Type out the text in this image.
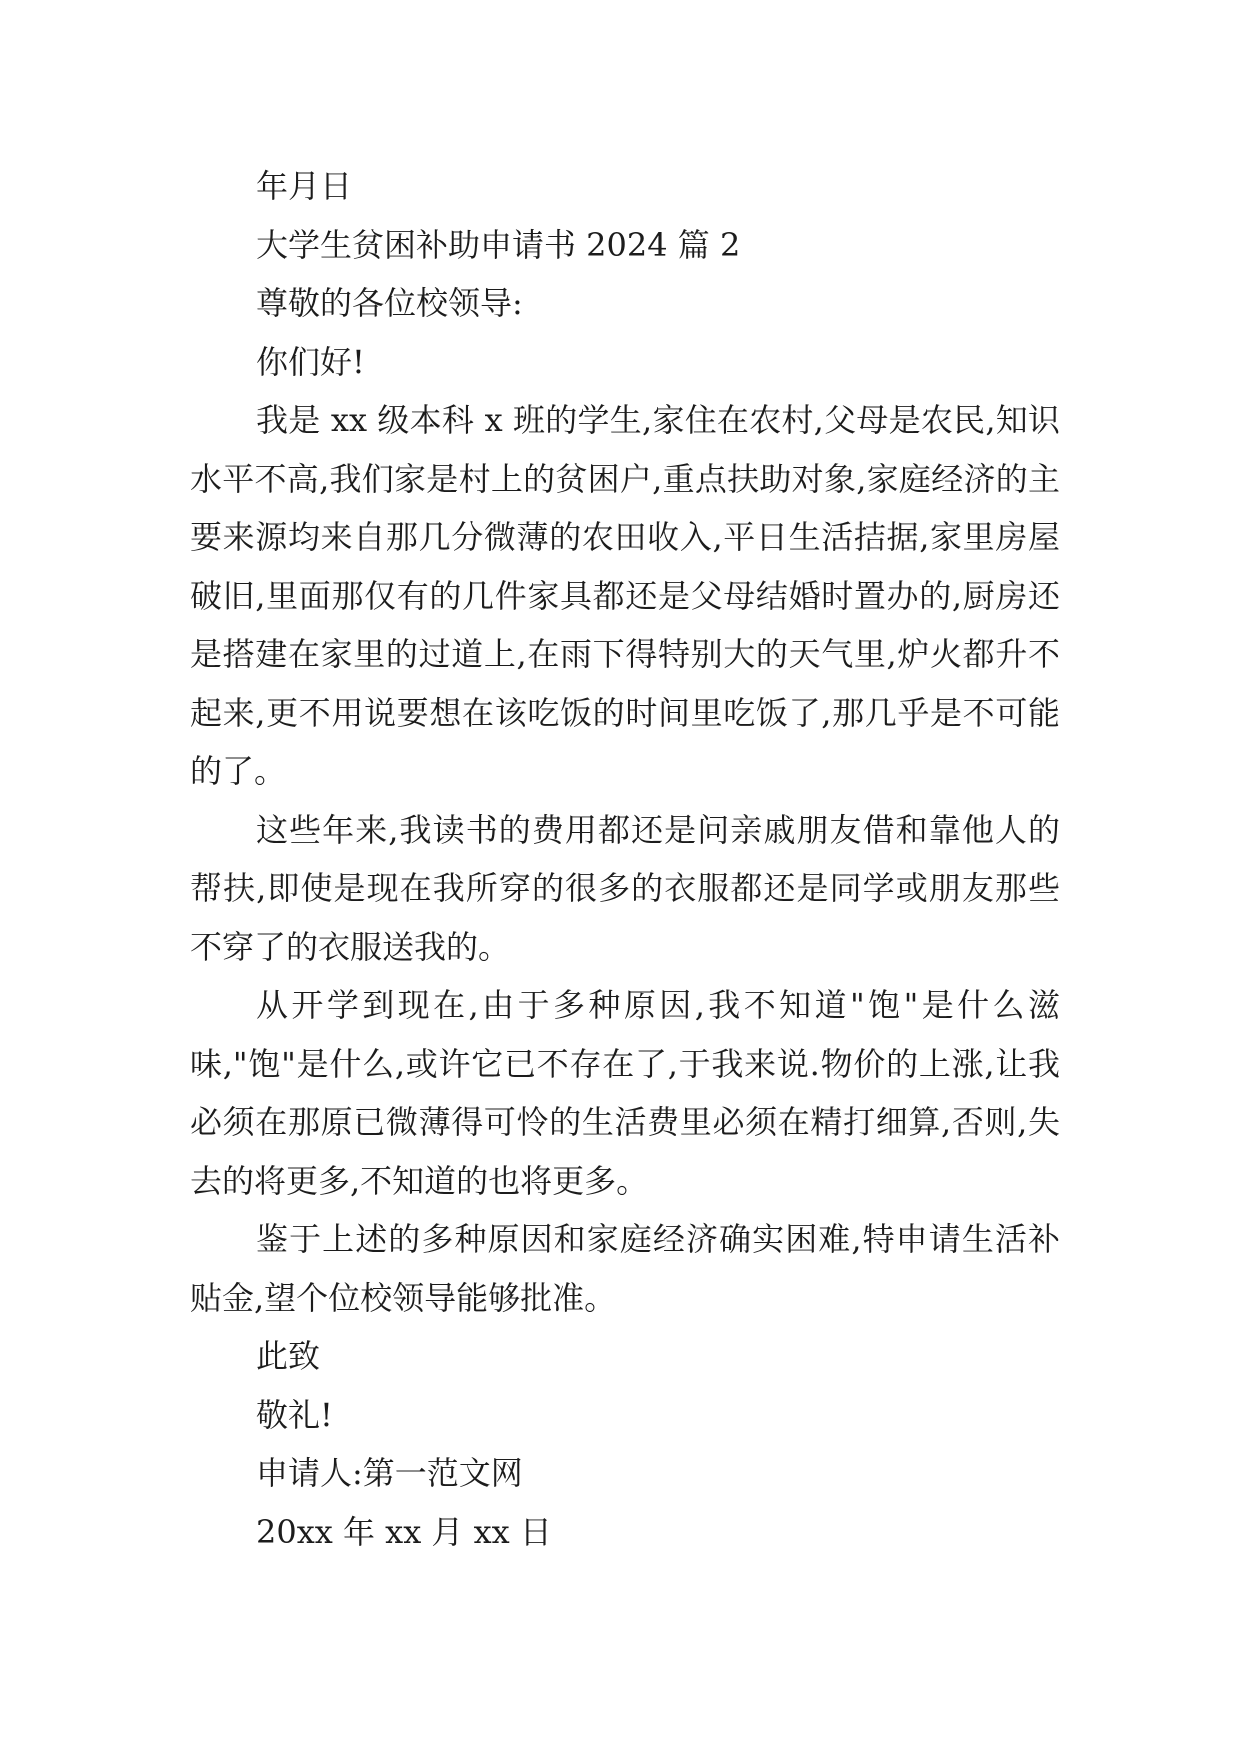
年月日

大学生贫困补助申请书 2024 篇 2

尊敬的各位校领导:

你们好!

我是 xx 级本科 x 班的学生,家住在农村,父母是农民,知识水平不高,我们家是村上的贫困户,重点扶助对象,家庭经济的主要来源均来自那几分微薄的农田收入,平日生活拮据,家里房屋破旧,里面那仅有的几件家具都还是父母结婚时置办的,厨房还是搭建在家里的过道上,在雨下得特别大的天气里,炉火都升不起来,更不用说要想在该吃饭的时间里吃饭了,那几乎是不可能的了。

这些年来,我读书的费用都还是问亲戚朋友借和靠他人的帮扶,即使是现在我所穿的很多的衣服都还是同学或朋友那些不穿了的衣服送我的。

从开学到现在,由于多种原因,我不知道"饱"是什么滋味,"饱"是什么,或许它已不存在了,于我来说.物价的上涨,让我必须在那原已微薄得可怜的生活费里必须在精打细算,否则,失去的将更多,不知道的也将更多。

鉴于上述的多种原因和家庭经济确实困难,特申请生活补贴金,望个位校领导能够批准。

此致

敬礼!

申请人:第一范文网

20xx 年 xx 月 xx 日
